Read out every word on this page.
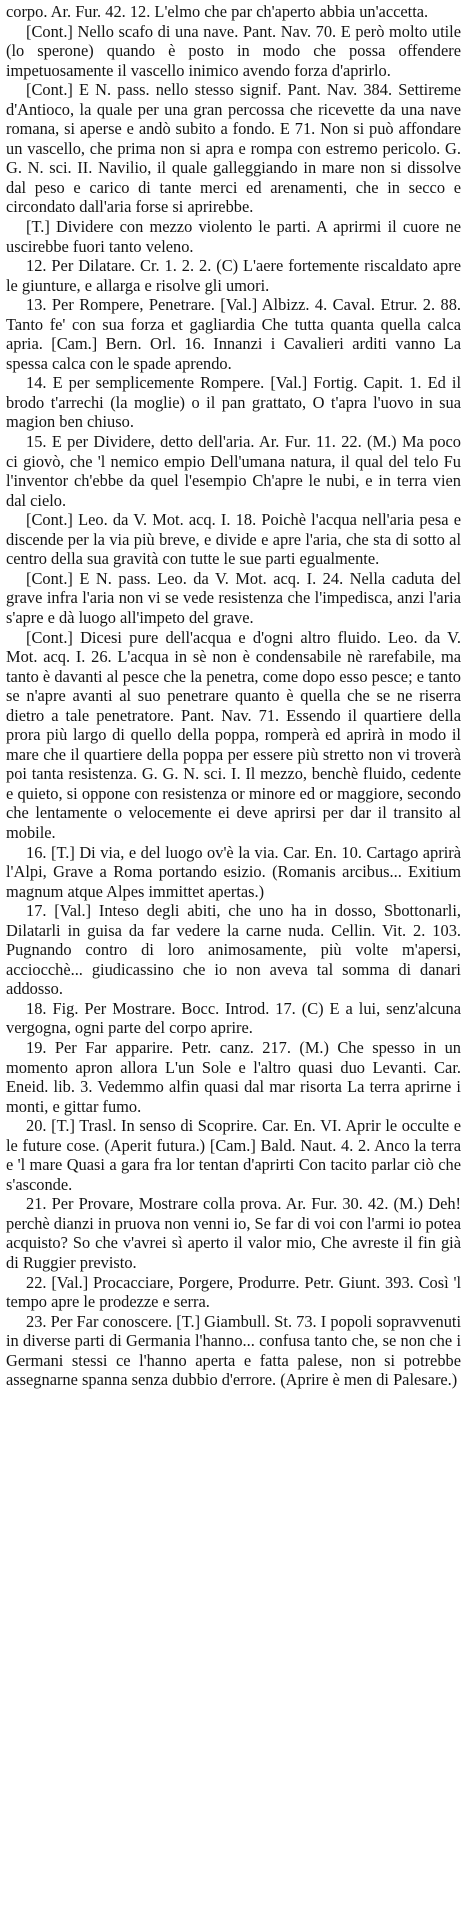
corpo. Ar. Fur. 42. 12. L'elmo che par ch'aperto abbia un'accetta.

[Cont.] Nello scafo di una nave. Pant. Nav. 70. E però molto utile (lo sperone) quando è posto in modo che possa offendere impetuosamente il vascello inimico avendo forza d'aprirlo.

[Cont.] E N. pass. nello stesso signif. Pant. Nav. 384. Settireme d'Antioco, la quale per una gran percossa che ricevette da una nave romana, si aperse e andò subito a fondo. E 71. Non si può affondare un vascello, che prima non si apra e rompa con estremo pericolo. G. G. N. sci. II. Navilio, il quale galleggiando in mare non si dissolve dal peso e carico di tante merci ed arenamenti, che in secco e circondato dall'aria forse si aprirebbe.

[T.] Dividere con mezzo violento le parti. A aprirmi il cuore ne uscirebbe fuori tanto veleno.

12. Per Dilatare. Cr. 1. 2. 2. (C) L'aere fortemente riscaldato apre le giunture, e allarga e risolve gli umori.

13. Per Rompere, Penetrare. [Val.] Albizz. 4. Caval. Etrur. 2. 88. Tanto fe' con sua forza et gagliardia Che tutta quanta quella calca apria. [Cam.] Bern. Orl. 16. Innanzi i Cavalieri arditi vanno La spessa calca con le spade aprendo.

14. E per semplicemente Rompere. [Val.] Fortig. Capit. 1. Ed il brodo t'arrechi (la moglie) o il pan grattato, O t'apra l'uovo in sua magion ben chiuso.

15. E per Dividere, detto dell'aria. Ar. Fur. 11. 22. (M.) Ma poco ci giovò, che 'l nemico empio Dell'umana natura, il qual del telo Fu l'inventor ch'ebbe da quel l'esempio Ch'apre le nubi, e in terra vien dal cielo.

[Cont.] Leo. da V. Mot. acq. I. 18. Poichè l'acqua nell'aria pesa e discende per la via più breve, e divide e apre l'aria, che sta di sotto al centro della sua gravità con tutte le sue parti egualmente.

[Cont.] E N. pass. Leo. da V. Mot. acq. I. 24. Nella caduta del grave infra l'aria non vi se vede resistenza che l'impedisca, anzi l'aria s'apre e dà luogo all'impeto del grave.

[Cont.] Dicesi pure dell'acqua e d'ogni altro fluido. Leo. da V. Mot. acq. I. 26. L'acqua in sè non è condensabile nè rarefabile, ma tanto è davanti al pesce che la penetra, come dopo esso pesce; e tanto se n'apre avanti al suo penetrare quanto è quella che se ne riserra dietro a tale penetratore. Pant. Nav. 71. Essendo il quartiere della prora più largo di quello della poppa, romperà ed aprirà in modo il mare che il quartiere della poppa per essere più stretto non vi troverà poi tanta resistenza. G. G. N. sci. I. Il mezzo, benchè fluido, cedente e quieto, si oppone con resistenza or minore ed or maggiore, secondo che lentamente o velocemente ei deve aprirsi per dar il transito al mobile.

16. [T.] Di via, e del luogo ov'è la via. Car. En. 10. Cartago aprirà l'Alpi, Grave a Roma portando esizio. (Romanis arcibus... Exitium magnum atque Alpes immittet apertas.)

17. [Val.] Inteso degli abiti, che uno ha in dosso, Sbottonarli, Dilatarli in guisa da far vedere la carne nuda. Cellin. Vit. 2. 103. Pugnando contro di loro animosamente, più volte m'apersi, acciocchè... giudicassino che io non aveva tal somma di danari addosso.

18. Fig. Per Mostrare. Bocc. Introd. 17. (C) E a lui, senz'alcuna vergogna, ogni parte del corpo aprire.

19. Per Far apparire. Petr. canz. 217. (M.) Che spesso in un momento apron allora L'un Sole e l'altro quasi duo Levanti. Car. Eneid. lib. 3. Vedemmo alfin quasi dal mar risorta La terra aprirne i monti, e gittar fumo.

20. [T.] Trasl. In senso di Scoprire. Car. En. VI. Aprir le occulte e le future cose. (Aperit futura.) [Cam.] Bald. Naut. 4. 2. Anco la terra e 'l mare Quasi a gara fra lor tentan d'aprirti Con tacito parlar ciò che s'asconde.

21. Per Provare, Mostrare colla prova. Ar. Fur. 30. 42. (M.) Deh! perchè dianzi in pruova non venni io, Se far di voi con l'armi io potea acquisto? So che v'avrei sì aperto il valor mio, Che avreste il fin già di Ruggier previsto.

22. [Val.] Procacciare, Porgere, Produrre. Petr. Giunt. 393. Così 'l tempo apre le prodezze e serra.

23. Per Far conoscere. [T.] Giambull. St. 73. I popoli sopravvenuti in diverse parti di Germania l'hanno... confusa tanto che, se non che i Germani stessi ce l'hanno aperta e fatta palese, non si potrebbe assegnarne spanna senza dubbio d'errore. (Aprire è men di Palesare.)
